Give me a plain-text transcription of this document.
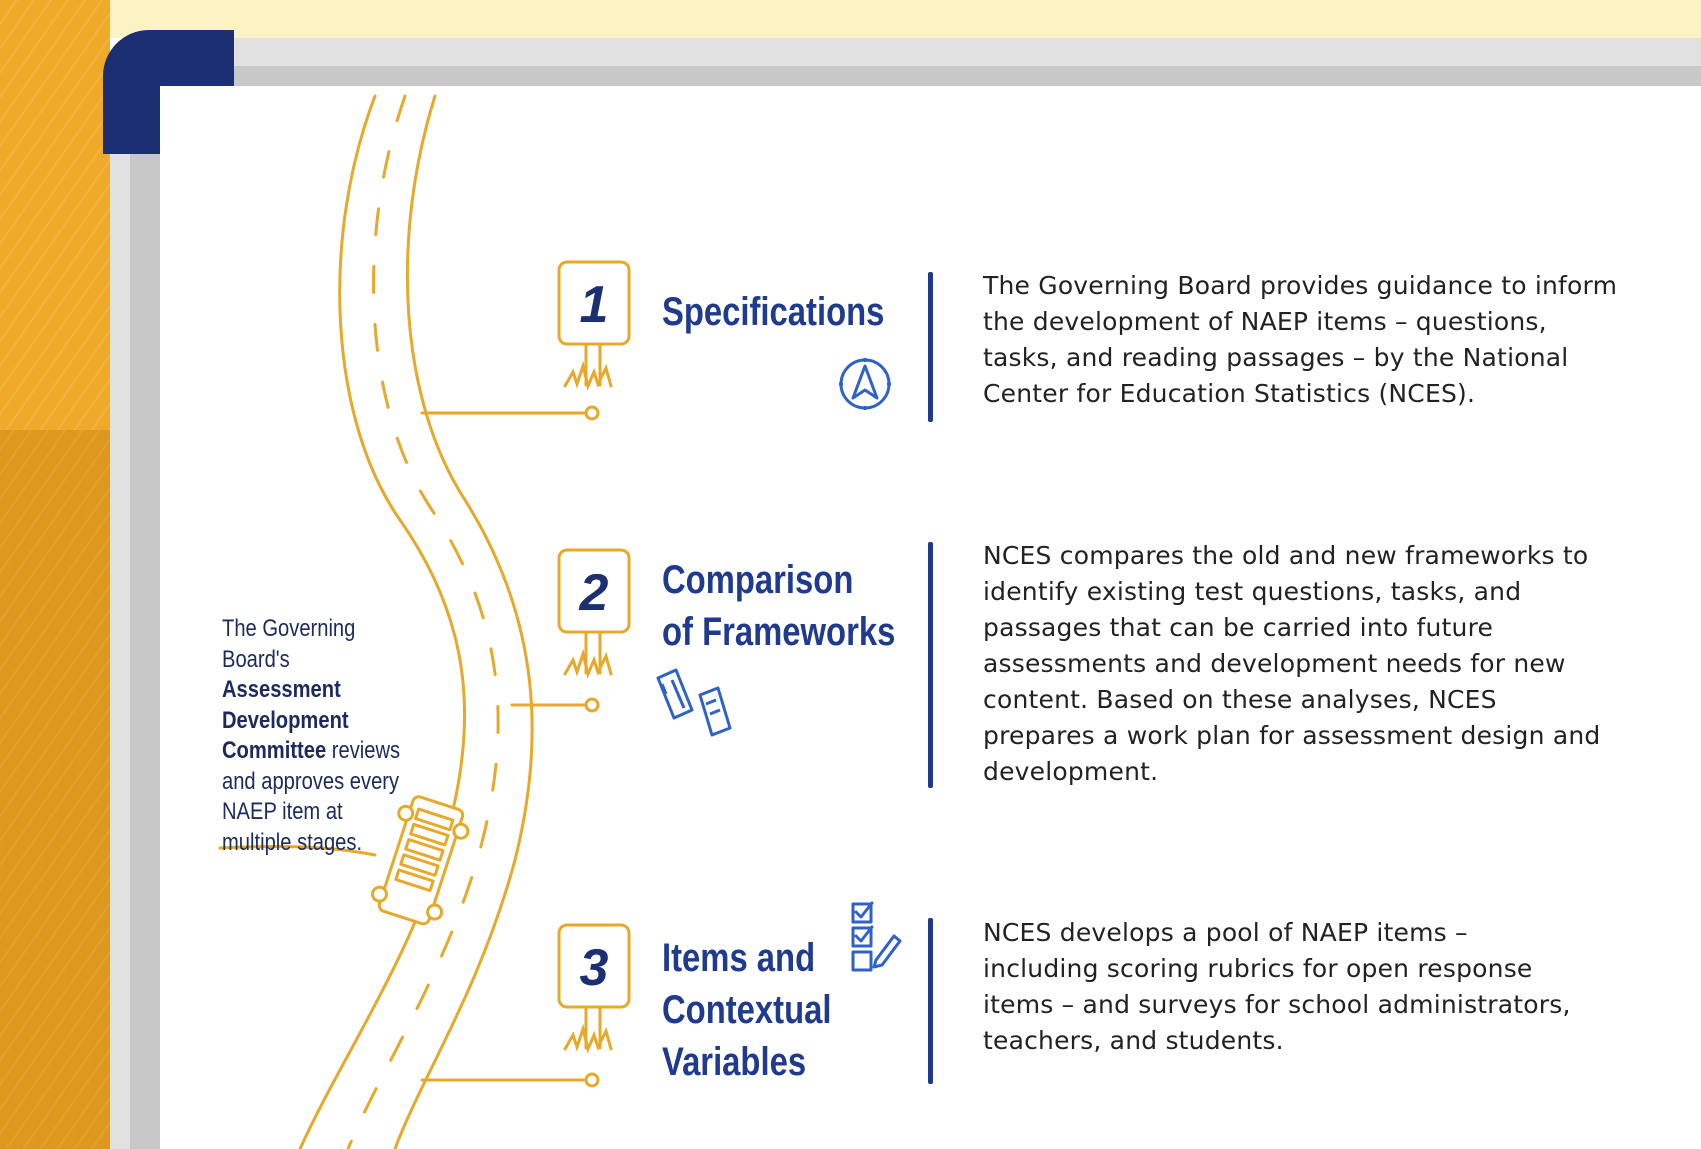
1
2
3
Specifications
The Governing Board provides guidance to inform the development of NAEP items – questions, tasks, and reading passages – by the National Center for Education Statistics (NCES).
Comparison
of Frameworks
NCES compares the old and new frameworks to identify existing test questions, tasks, and passages that can be carried into future assessments and development needs for new content. Based on these analyses, NCES prepares a work plan for assessment design and development.
Items and
Contextual
Variables
NCES develops a pool of NAEP items – including scoring rubrics for open response items – and surveys for school administrators, teachers, and students.
The Governing Board's Assessment Development Committee reviews and approves every NAEP item at multiple stages.
